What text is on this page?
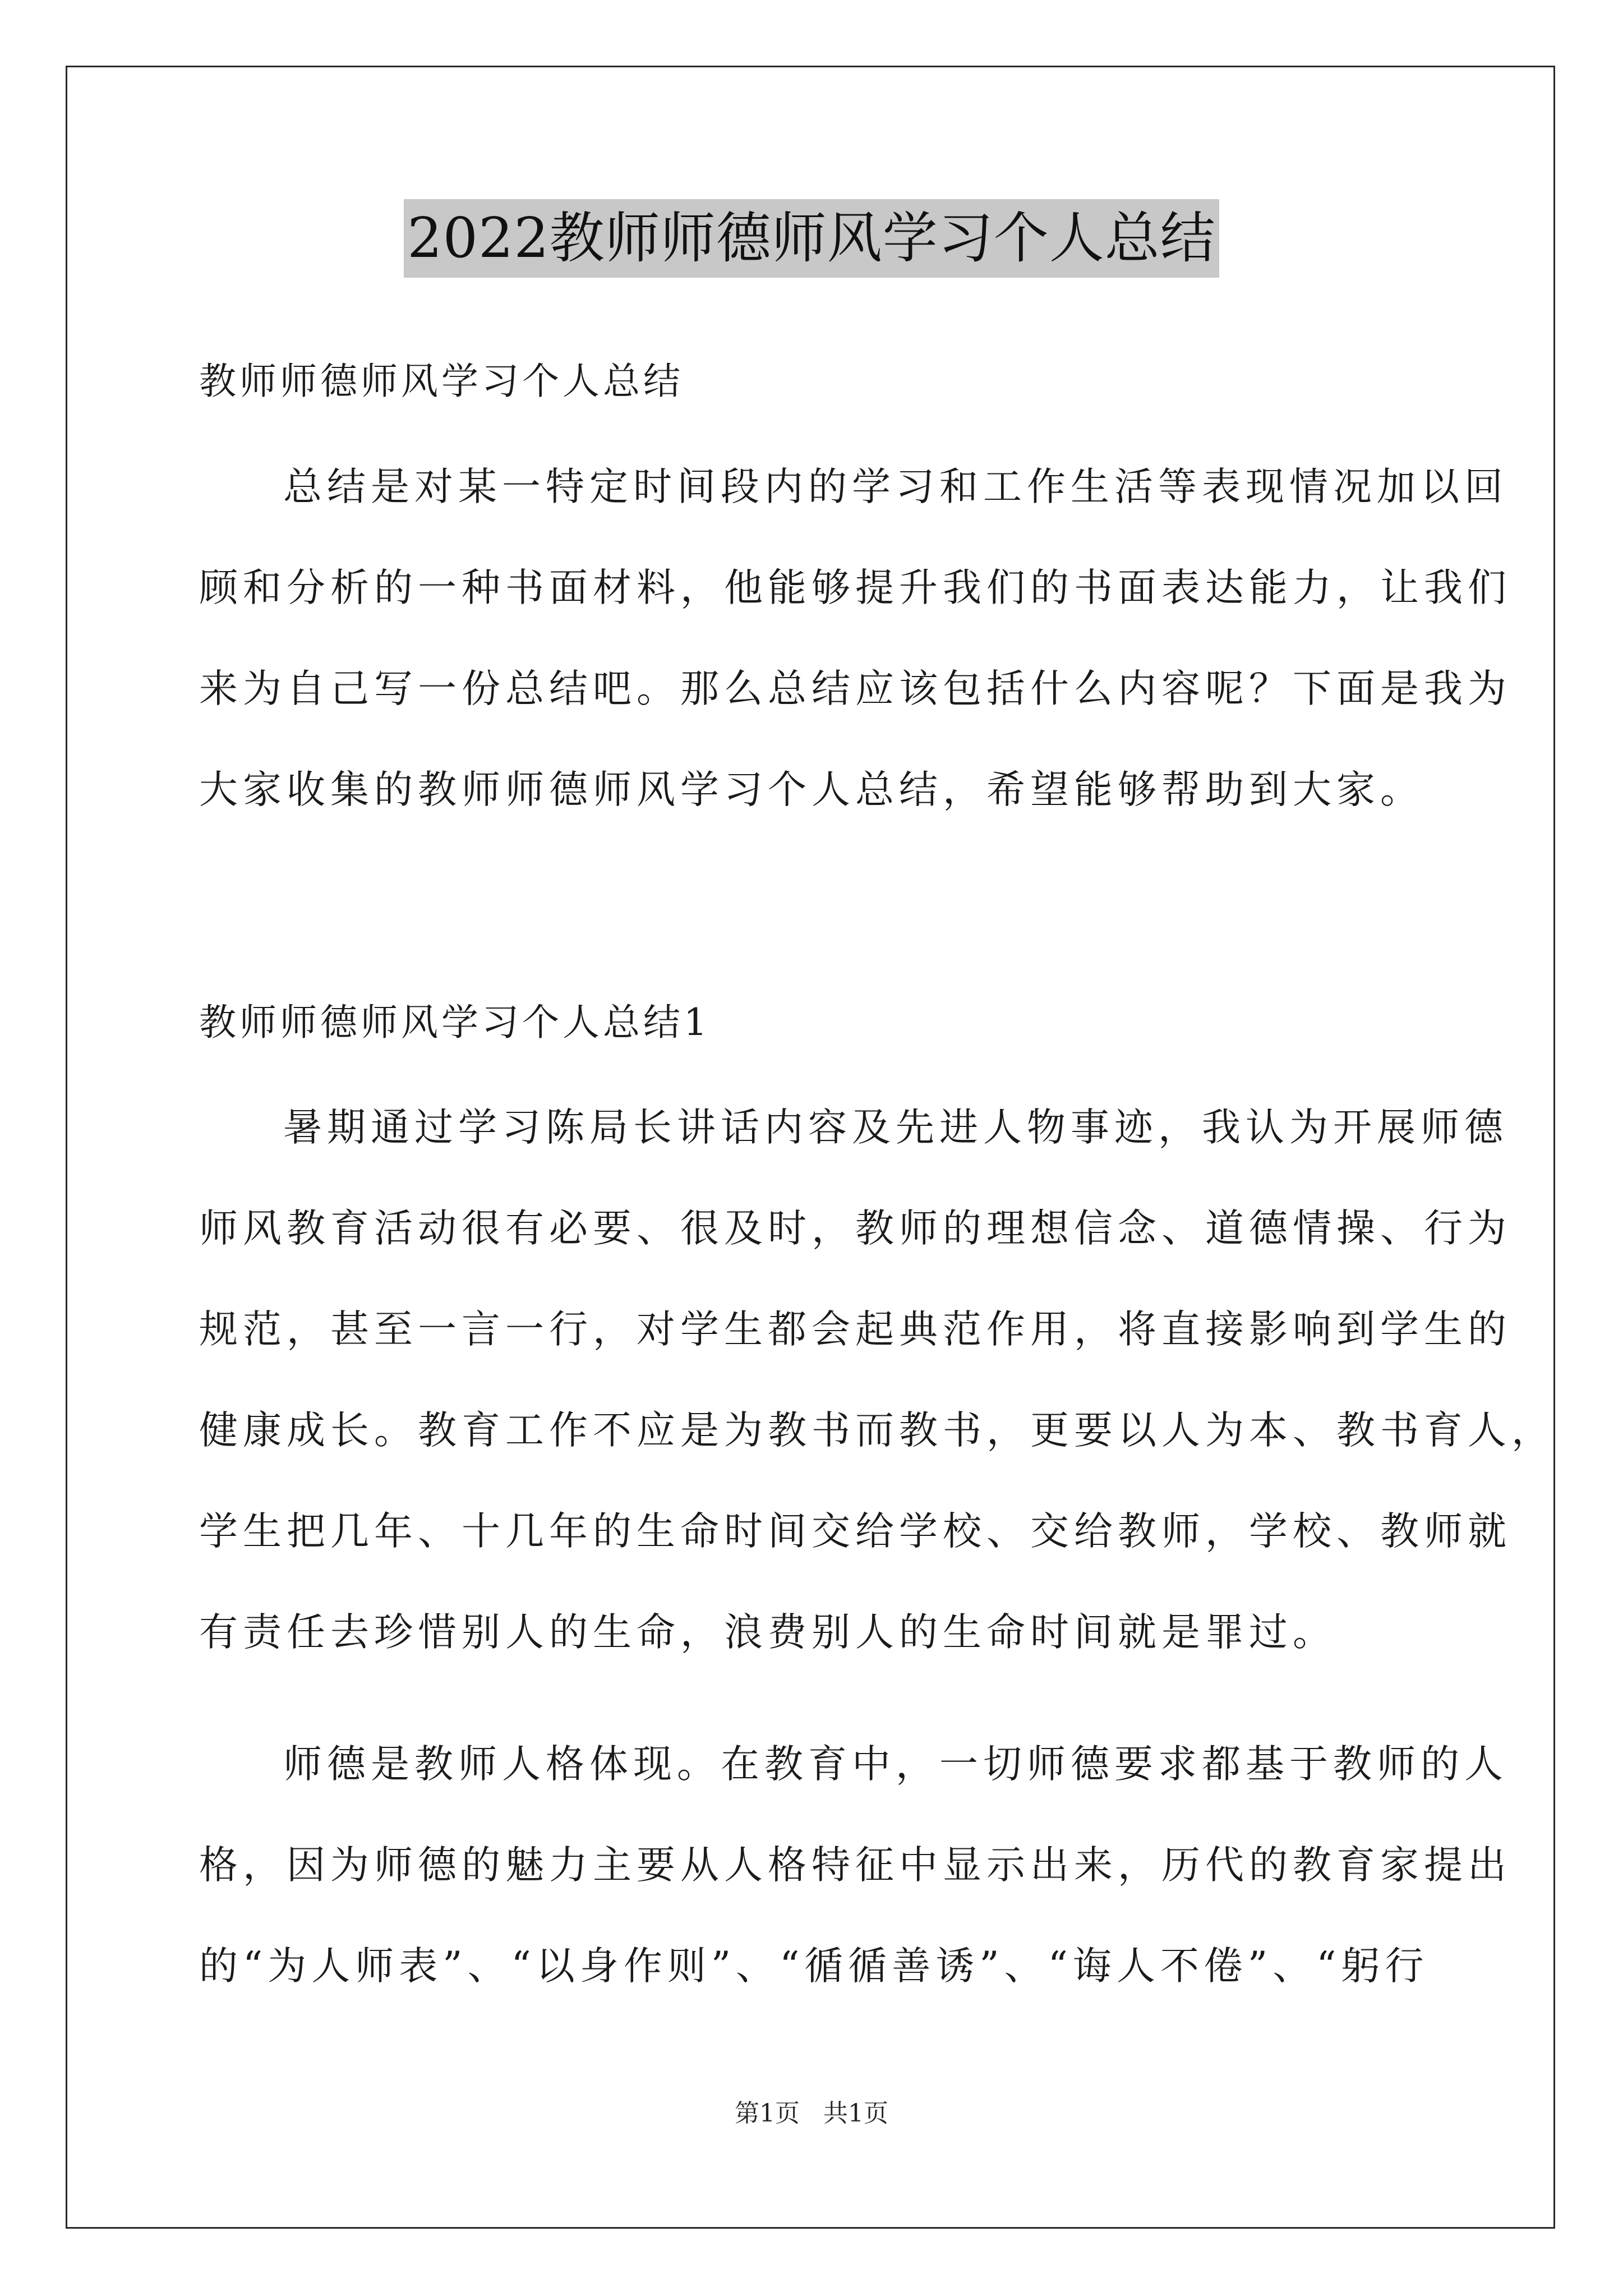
2022教师师德师风学习个人总结

教师师德师风学习个人总结

总结是对某一特定时间段内的学习和工作生活等表现情况加以回
顾和分析的一种书面材料，他能够提升我们的书面表达能力，让我们
来为自己写一份总结吧。那么总结应该包括什么内容呢？下面是我为
大家收集的教师师德师风学习个人总结，希望能够帮助到大家。

教师师德师风学习个人总结1

暑期通过学习陈局长讲话内容及先进人物事迹，我认为开展师德
师风教育活动很有必要、很及时，教师的理想信念、道德情操、行为
规范，甚至一言一行，对学生都会起典范作用，将直接影响到学生的
健康成长。教育工作不应是为教书而教书，更要以人为本、教书育人，
学生把几年、十几年的生命时间交给学校、交给教师，学校、教师就
有责任去珍惜别人的生命，浪费别人的生命时间就是罪过。
师德是教师人格体现。在教育中，一切师德要求都基于教师的人
格，因为师德的魅力主要从人格特征中显示出来，历代的教育家提出
的“为人师表”、“以身作则”、“循循善诱”、“诲人不倦”、“躬行
第1页   共1页
